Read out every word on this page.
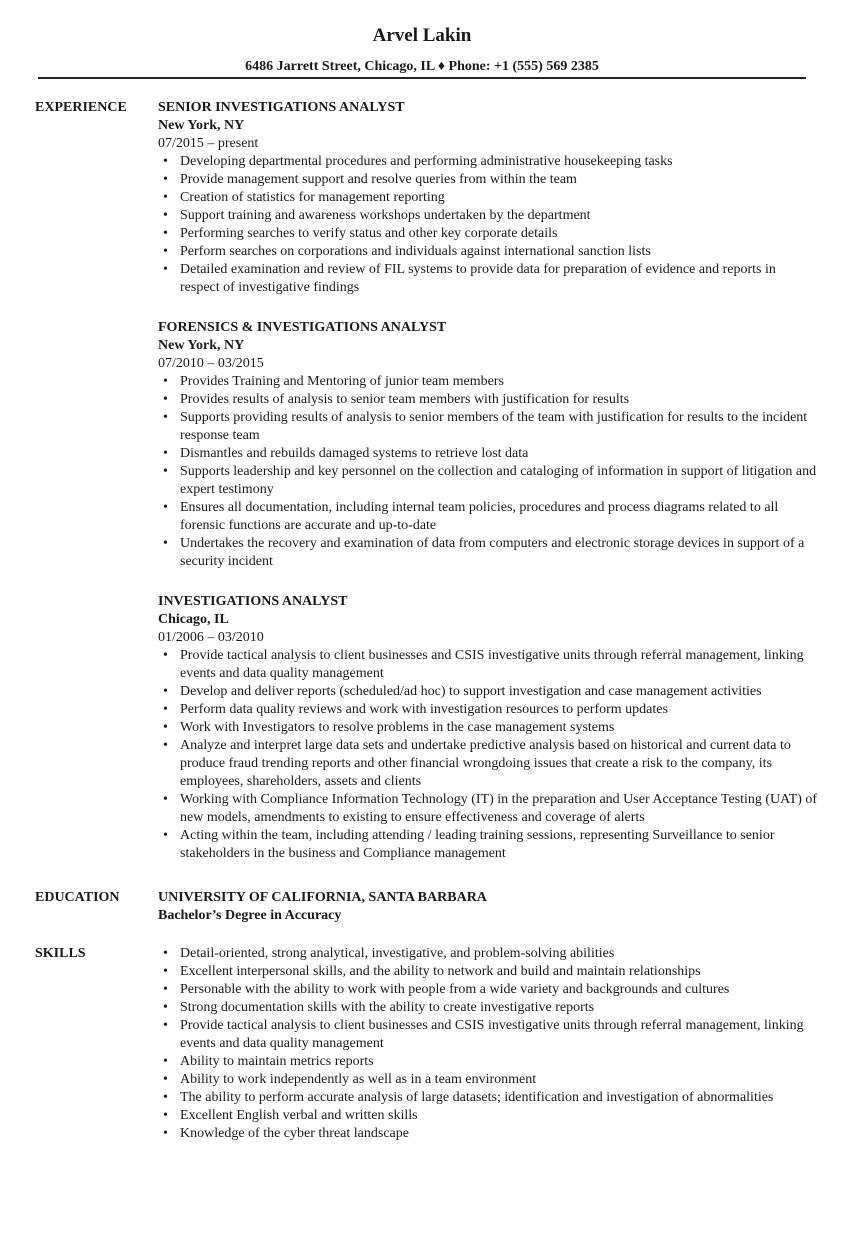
Arvel Lakin
6486 Jarrett Street, Chicago, IL ♦ Phone: +1 (555) 569 2385
EXPERIENCE	SENIOR INVESTIGATIONS ANALYST
New York, NY
07/2015 – present
• Developing departmental procedures and performing administrative housekeeping tasks
• Provide management support and resolve queries from within the team
• Creation of statistics for management reporting
• Support training and awareness workshops undertaken by the department
• Performing searches to verify status and other key corporate details
• Perform searches on corporations and individuals against international sanction lists
• Detailed examination and review of FIL systems to provide data for preparation of evidence and reports in respect of investigative findings
FORENSICS & INVESTIGATIONS ANALYST
New York, NY
07/2010 – 03/2015
• Provides Training and Mentoring of junior team members
• Provides results of analysis to senior team members with justification for results
• Supports providing results of analysis to senior members of the team with justification for results to the incident response team
• Dismantles and rebuilds damaged systems to retrieve lost data
• Supports leadership and key personnel on the collection and cataloging of information in support of litigation and expert testimony
• Ensures all documentation, including internal team policies, procedures and process diagrams related to all forensic functions are accurate and up-to-date
• Undertakes the recovery and examination of data from computers and electronic storage devices in support of a security incident
INVESTIGATIONS ANALYST
Chicago, IL
01/2006 – 03/2010
• Provide tactical analysis to client businesses and CSIS investigative units through referral management, linking events and data quality management
• Develop and deliver reports (scheduled/ad hoc) to support investigation and case management activities
• Perform data quality reviews and work with investigation resources to perform updates
• Work with Investigators to resolve problems in the case management systems
• Analyze and interpret large data sets and undertake predictive analysis based on historical and current data to produce fraud trending reports and other financial wrongdoing issues that create a risk to the company, its employees, shareholders, assets and clients
• Working with Compliance Information Technology (IT) in the preparation and User Acceptance Testing (UAT) of new models, amendments to existing to ensure effectiveness and coverage of alerts
• Acting within the team, including attending / leading training sessions, representing Surveillance to senior stakeholders in the business and Compliance management
EDUCATION	UNIVERSITY OF CALIFORNIA, SANTA BARBARA
Bachelor’s Degree in Accuracy
SKILLS
•	Detail-oriented, strong analytical, investigative, and problem-solving abilities
• Excellent interpersonal skills, and the ability to network and build and maintain relationships
• Personable with the ability to work with people from a wide variety and backgrounds and cultures
• Strong documentation skills with the ability to create investigative reports
• Provide tactical analysis to client businesses and CSIS investigative units through referral management, linking events and data quality management
• Ability to maintain metrics reports
• Ability to work independently as well as in a team environment
• The ability to perform accurate analysis of large datasets; identification and investigation of abnormalities
• Excellent English verbal and written skills
• Knowledge of the cyber threat landscape
